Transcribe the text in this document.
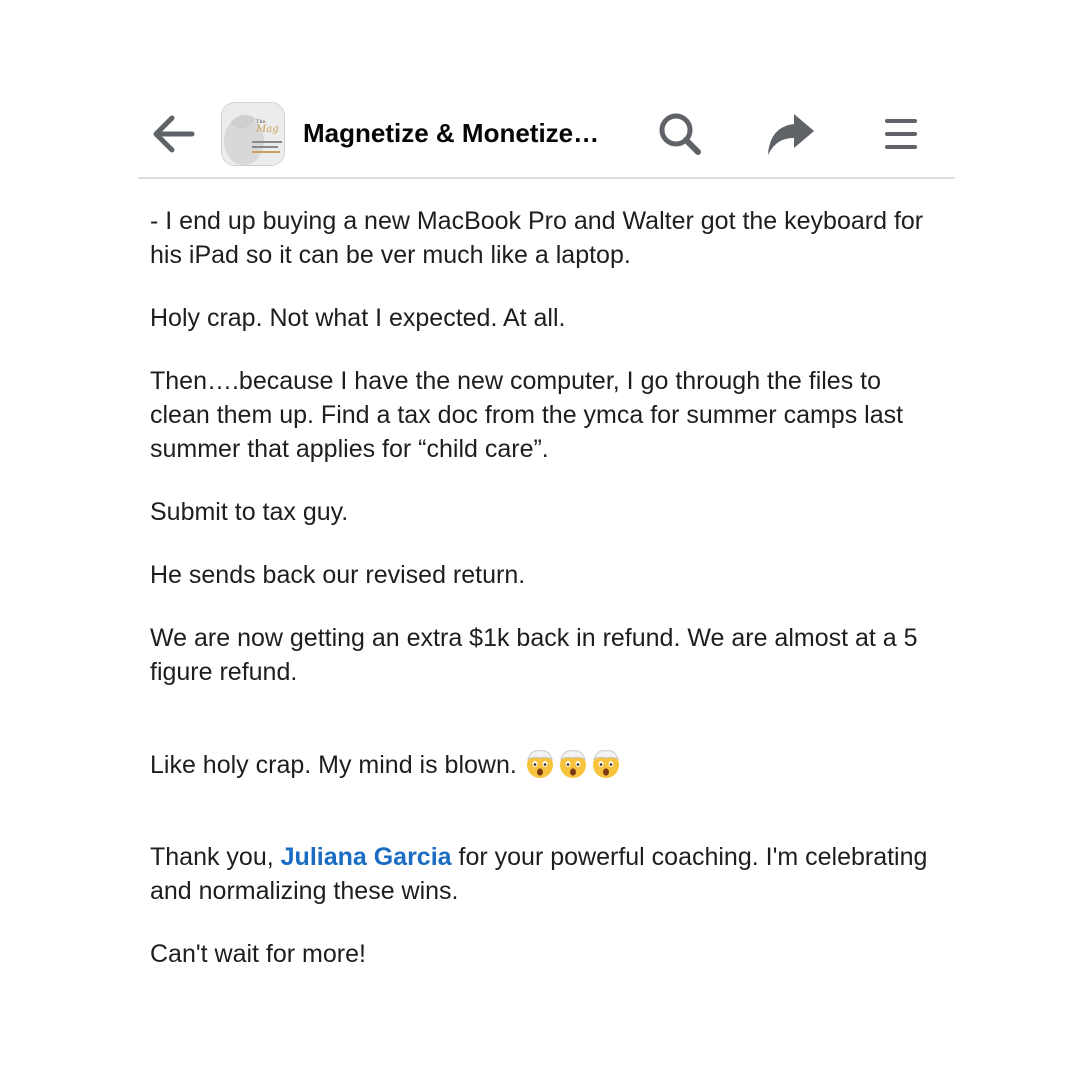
The
Mag Magnetize & Monetize…

- I end up buying a new MacBook Pro and Walter got the keyboard for his iPad so it can be ver much like a laptop.

Holy crap. Not what I expected. At all.

Then….because I have the new computer, I go through the files to clean them up. Find a tax doc from the ymca for summer camps last summer that applies for “child care”.

Submit to tax guy.

He sends back our revised return.

We are now getting an extra $1k back in refund. We are almost at a 5 figure refund.

Like holy crap. My mind is blown.

Thank you, Juliana Garcia for your powerful coaching. I'm celebrating and normalizing these wins.

Can't wait for more!
